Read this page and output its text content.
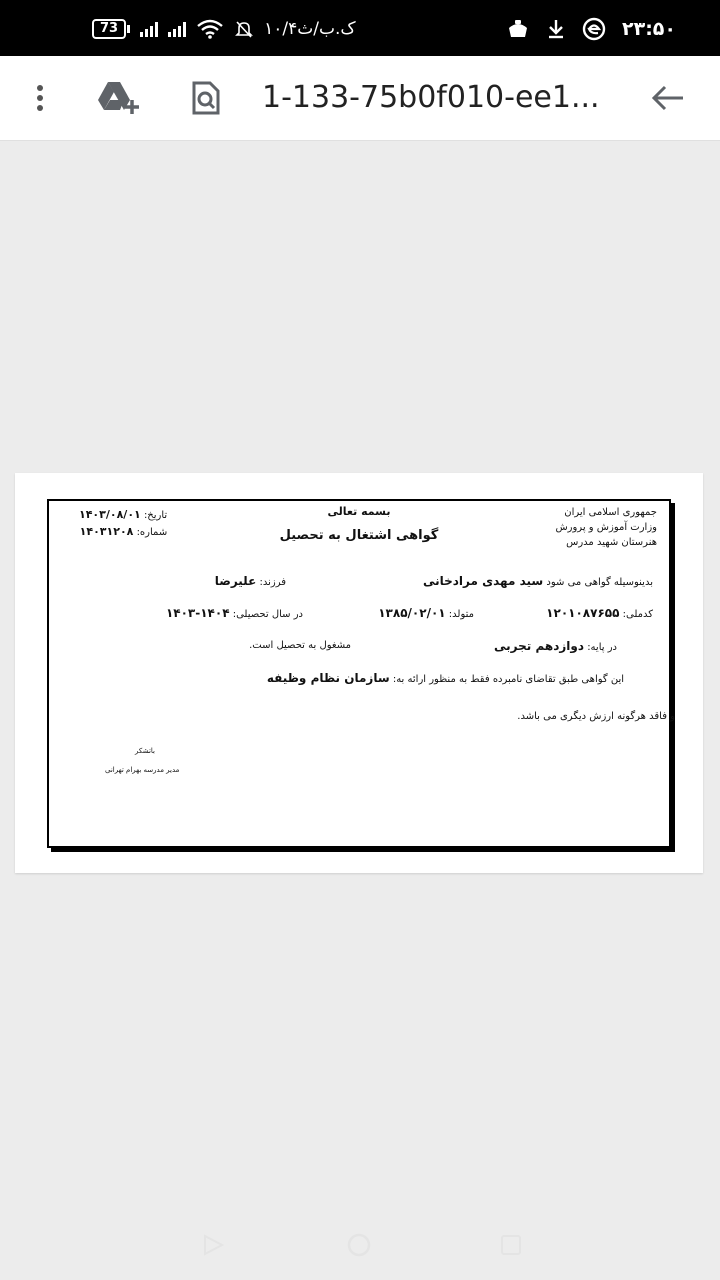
73	۱۰/۴ک.ب/ث	۲۳:۵۰
1-133-75b0f010-ee1...
جمهوری اسلامی ایران
وزارت آموزش و پرورش
هنرستان شهید مدرس
بسمه تعالی
گواهی اشتغال به تحصیل
تاریخ: ۱۴۰۳/۰۸/۰۱
شماره: ۱۴۰۳۱۲۰۸
بدینوسیله گواهی می شود سید مهدی مرادخانی
فرزند: علیرضا
کدملی: ۱۲۰۱۰۸۷۶۵۵
متولد: ۱۳۸۵/۰۲/۰۱
در سال تحصیلی: ۱۴۰۴-۱۴۰۳
در پایه: دوازدهم تجربی
مشغول به تحصیل است.
این گواهی طبق تقاضای نامبرده فقط به منظور ارائه به: سازمان نظام وظیفه
و فاقد هرگونه ارزش دیگری می باشد.
باتشکر
مدیر مدرسه بهرام تهرانی
